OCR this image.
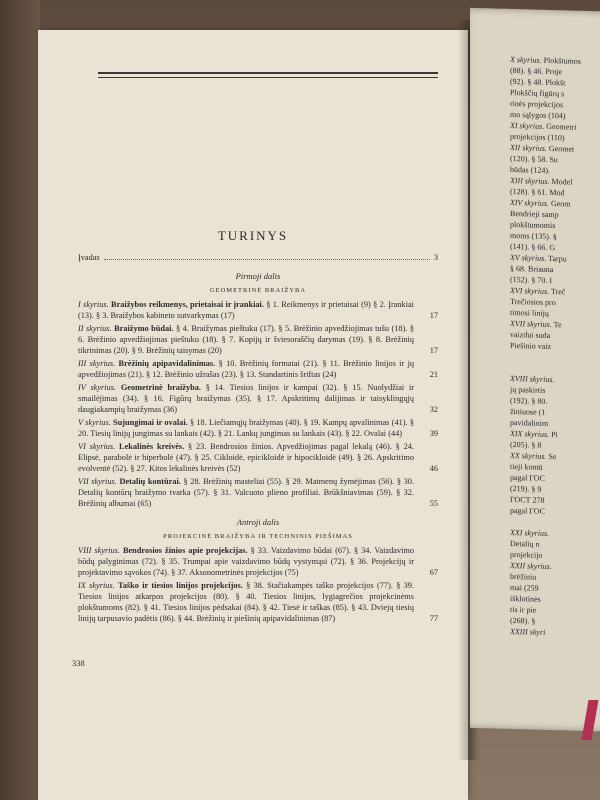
TURINYS
Įvadas	3
Pirmoji dalis
GEOMETRINĖ BRAIŽYBA
I skyrius. Braižybos reikmenys, prietaisai ir įrankiai. § 1. Reikmenys ir prietaisai (9) § 2. Įrankiai (13). § 3. Braižybos kabineto sutvarkymas (17)	17
II skyrius. Braižymo būdai. § 4. Braižymas pieštuku (17). § 5. Brėžinio apvedžiojimas tušu (18). § 6. Brėžinio apvedžiojimas pieštuku (18). § 7. Kopijų ir šviesoraščių darymas (19). § 8. Brėžinių tikrinimas (20). § 9. Brėžinių taisymas (20)	17
III skyrius. Brėžinių apipavidalinimas. § 10. Brėžinių formatai (21). § 11. Brėžinio linijos ir jų apvedžiojimas (21). § 12. Brėžinio užrašas (23). § 13. Standartinis šriftas (24)	21
IV skyrius. Geometrinė braižyba. § 14. Tiesios linijos ir kampai (32). § 15. Nuolydžiai ir smailėjimas (34). § 16. Figūrų braižymas (35). § 17. Apskritimų dalijimas ir taisyklingųjų daugiakampių braižymas (36)	32
V skyrius. Sujungimai ir ovalai. § 18. Liečiamųjų braižymas (40). § 19. Kampų apvalinimas (41). § 20. Tiesių linijų jungimas su lankais (42). § 21. Lankų jungimas su lankais (43). § 22. Ovalai (44)	39
VI skyrius. Lekalinės kreivės. § 23. Bendrosios žinios. Apvedžiojimas pagal lekalą (46). § 24. Elipsė, parabolė ir hiperbolė (47). § 25. Cikloidė, epicikloidė ir hipocikloidė (49). § 26. Apskritimo evolventė (52). § 27. Kitos lekalinės kreivės (52)	46
VII skyrius. Detalių kontūrai. § 28. Brėžinių masteliai (55). § 29. Matmenų žymėjimas (56). § 30. Detalių kontūrų braižymo tvarka (57). § 31. Valcuoto plieno profiliai. Brūkšniavimas (59). § 32. Brėžinių albumai (65)	55
Antroji dalis
PROJEKCINĖ BRAIŽYBA IR TECHNINIS PIEŠIMAS
VIII skyrius. Bendrosios žinios apie projekcijas. § 33. Vaizdavimo būdai (67). § 34. Vaizdavimo būdų palyginimas (72). § 35. Trumpai apie vaizdavimo būdų vystymąsi (72). § 36. Projekcijų ir projektavimo sąvokos (74). § 37. Aksonometrinės projekcijos (75)	67
IX skyrius. Taško ir tiesios linijos projekcijos. § 38. Stačiakampės taško projekcijos (77). § 39. Tiesios linijos atkarpos projekcijos (80). § 40. Tiesios linijos, lygiagrečios projekcinėms plokštumoms (82). § 41. Tiesios linijos pėdsakai (84). § 42. Tiesė ir taškas (85). § 43. Dviejų tiesių linijų tarpusavio padėtis (86). § 44. Brėžinių ir piešinių apipavidalinimas (87)	77
338
X skyrius. Plokštumos
(88). § 46. Proje
(92). § 48. Plokšt
Plokščių figūrų s
rinės projekcijos
mo sąlygos (104)
XI skyrius. Geometri
projekcijos (110)
XII skyrius. Geomet
(120). § 58. Su
būdas (124).
XIII skyrius. Model
(128). § 61. Mod
XIV skyrius. Geom
Bendrieji samp
plokštumomis
moms (135). §
(141). § 66. G
XV skyrius. Tarpu
§ 68. Briauna
(152). § 70. I
XVI skyrius. Treč
Trečiosios pro
timosi linijų
XVII skyrius. Te
vaizdui suda
Piešinio vaiz

XVIII skyrius.
jų paskirtis
(192). § 80.
žiniuose (1
pavidalinim
XIX skyrius. Pi
(205). § 8
XX skyrius. Se
tieji kontū
pagal ГОС
(219). § 9
ГОСТ 278
pagal ГОС

XXI skyrius.
Detalių n
projekcijo
XXII skyrius.
brėžiniu
mai (259
išklotinės
tis ir pie
(268). §
XXIII skyri
